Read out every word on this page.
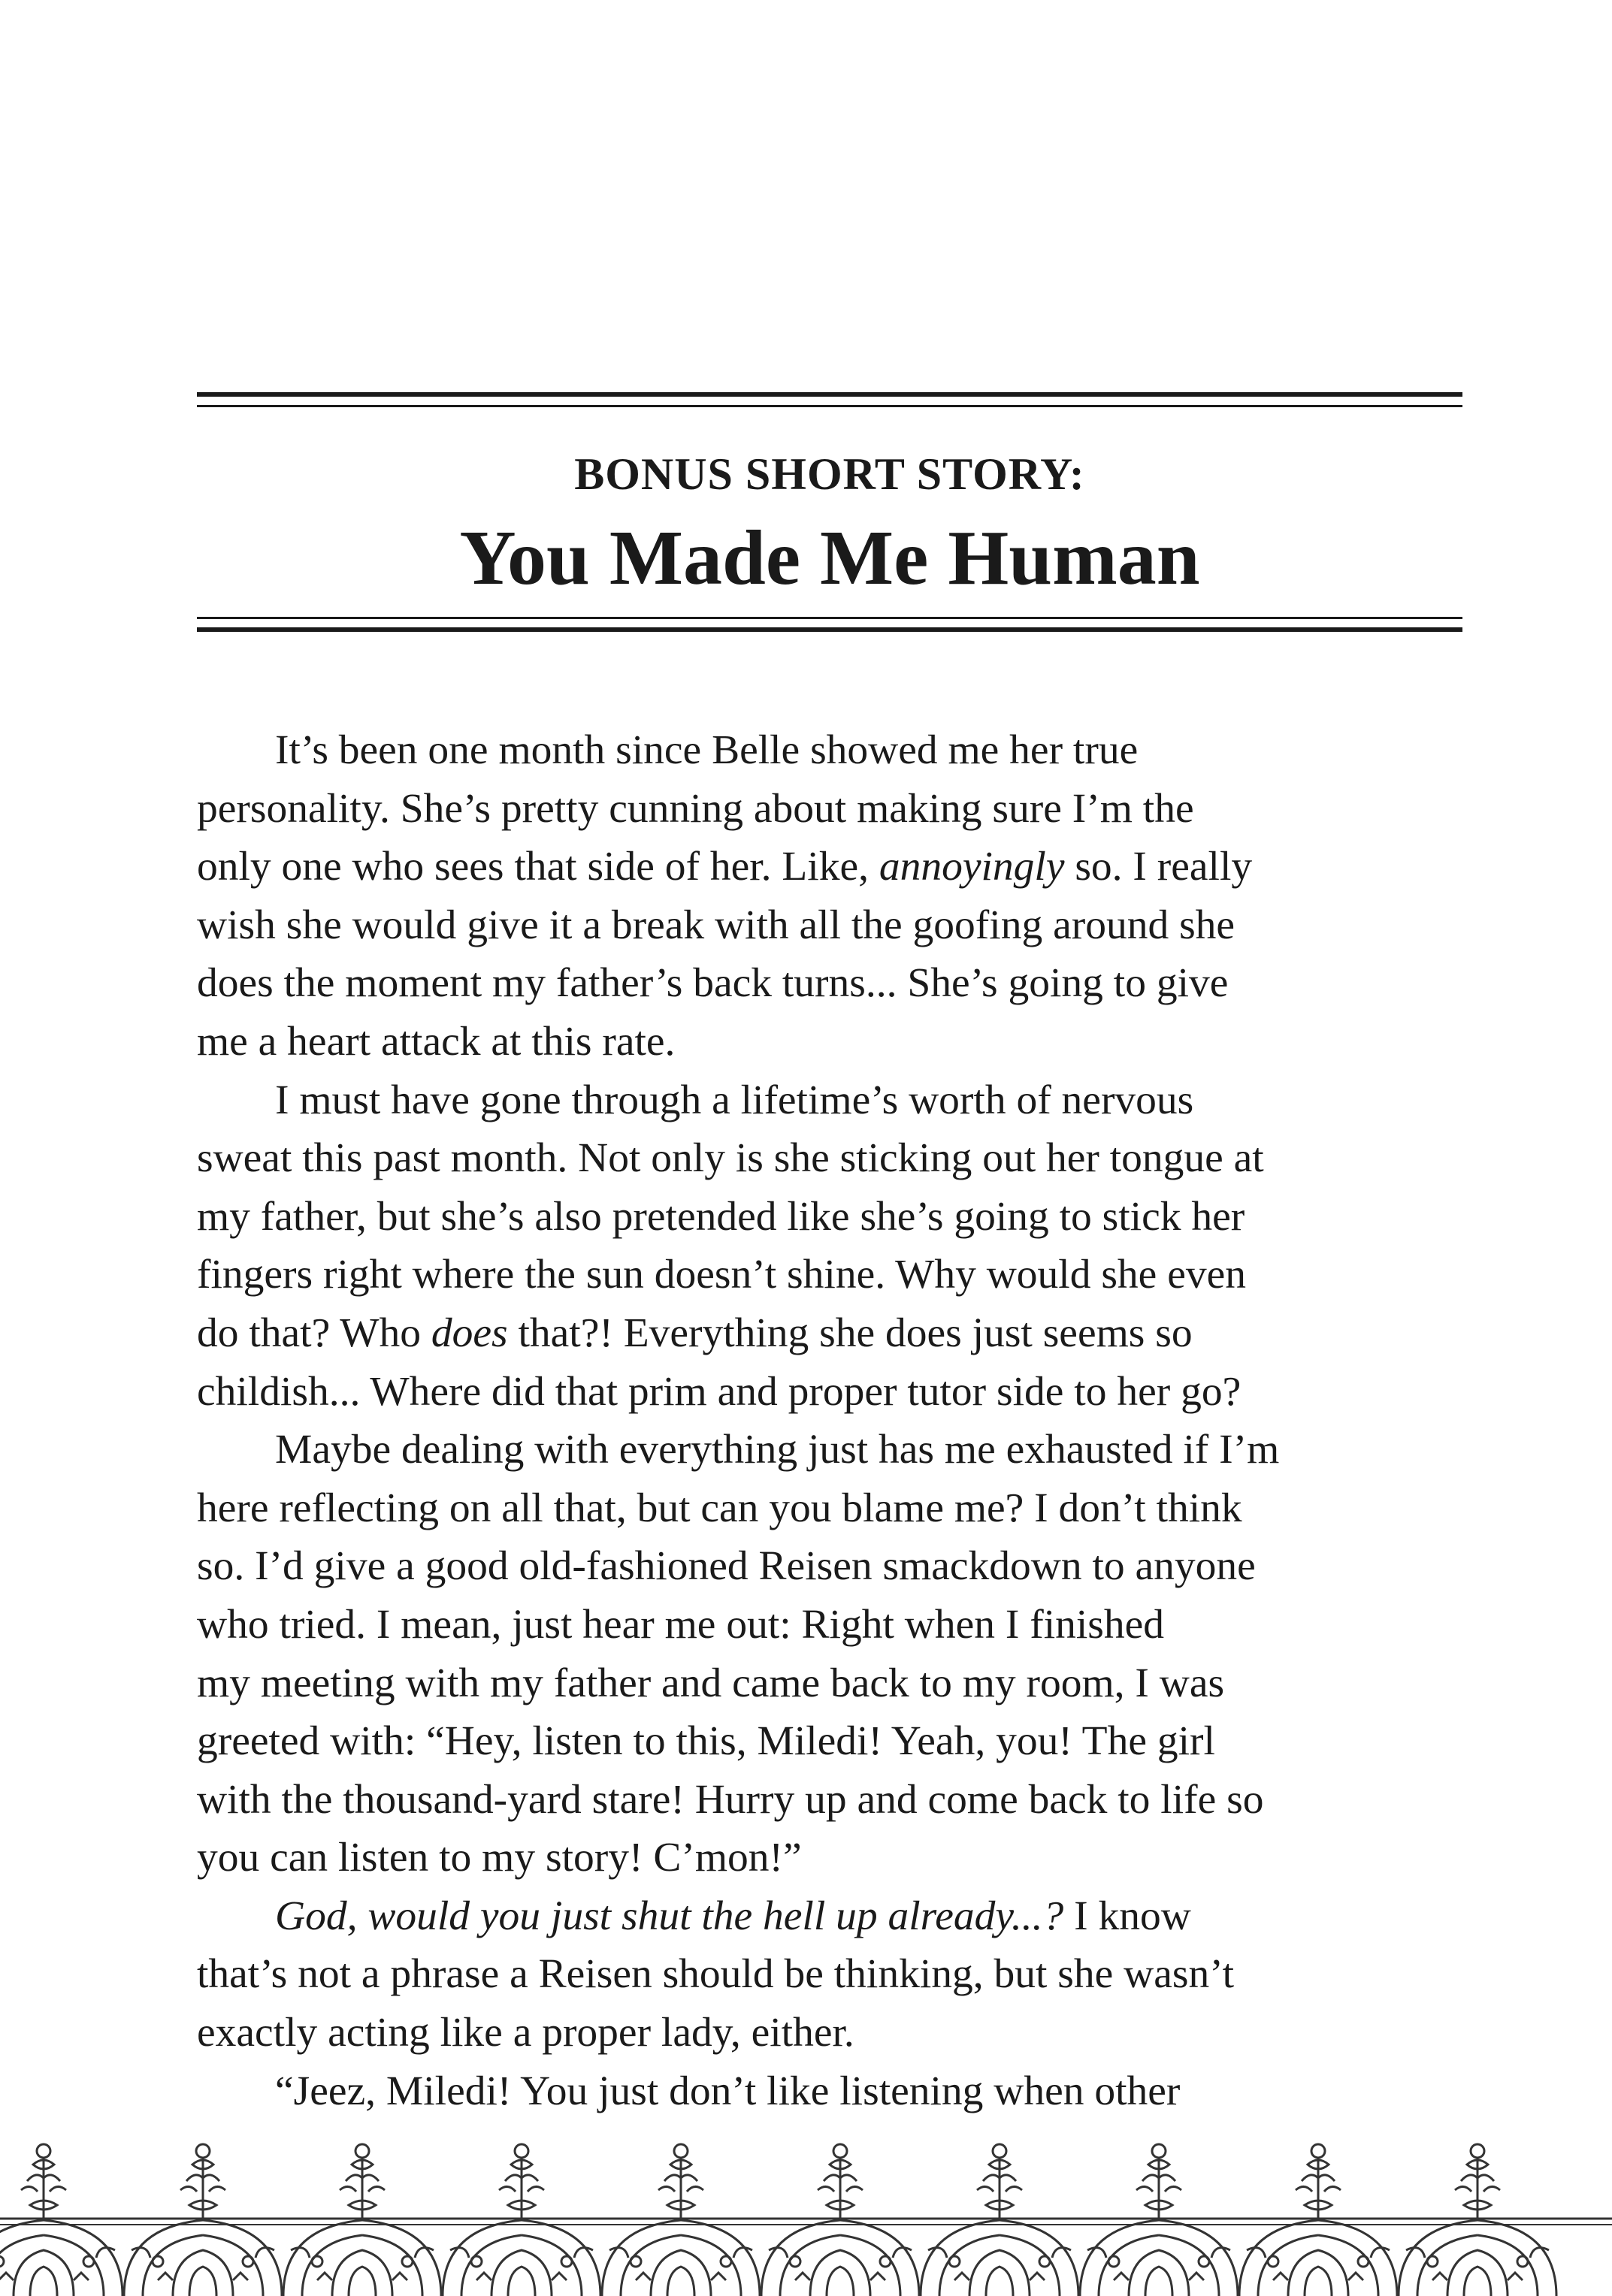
BONUS SHORT STORY:
You Made Me Human
It’s been one month since Belle showed me her true
personality. She’s pretty cunning about making sure I’m the
only one who sees that side of her. Like, annoyingly so. I really
wish she would give it a break with all the goofing around she
does the moment my father’s back turns... She’s going to give
me a heart attack at this rate.
I must have gone through a lifetime’s worth of nervous
sweat this past month. Not only is she sticking out her tongue at
my father, but she’s also pretended like she’s going to stick her
fingers right where the sun doesn’t shine. Why would she even
do that? Who does that?! Everything she does just seems so
childish... Where did that prim and proper tutor side to her go?
Maybe dealing with everything just has me exhausted if I’m
here reflecting on all that, but can you blame me? I don’t think
so. I’d give a good old-fashioned Reisen smackdown to anyone
who tried. I mean, just hear me out: Right when I finished
my meeting with my father and came back to my room, I was
greeted with: “Hey, listen to this, Miledi! Yeah, you! The girl
with the thousand-yard stare! Hurry up and come back to life so
you can listen to my story! C’mon!”
God, would you just shut the hell up already...? I know
that’s not a phrase a Reisen should be thinking, but she wasn’t
exactly acting like a proper lady, either.
“Jeez, Miledi! You just don’t like listening when other
